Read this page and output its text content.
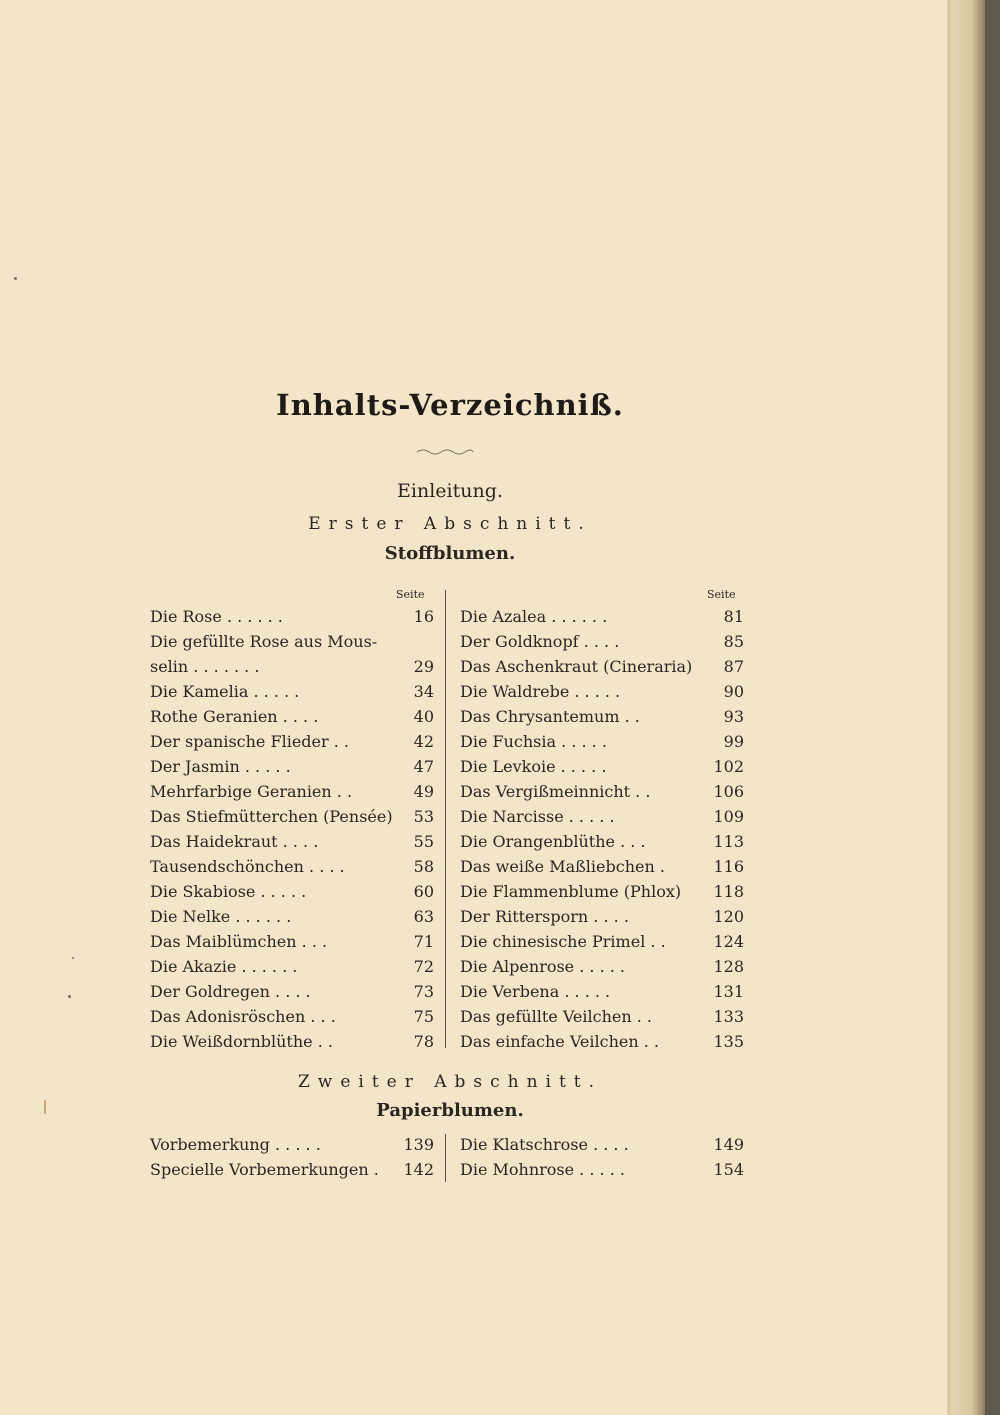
Inhalts-Verzeichniß.
Einleitung.
Erster Abschnitt.
Stoffblumen.
Seite	Seite
Die Rose . . . . . .	16
Die gefüllte Rose aus Mous-
selin . . . . . . .	29
Die Kamelia . . . . .	34
Rothe Geranien . . . .	40
Der spanische Flieder . .	42
Der Jasmin . . . . .	47
Mehrfarbige Geranien . .	49
Das Stiefmütterchen (Pensée) 53
Das Haidekraut . . . .	55
Tausendschönchen . . . .	58
Die Skabiose . . . . .	60
Die Nelke . . . . . .	63
Das Maiblümchen . . .	71
Die Akazie . . . . . .	72
Der Goldregen . . . .	73
Das Adonisröschen . . .	75
Die Weißdornblüthe . .	78
Die Azalea . . . . . .	81
Der Goldknopf . . . .	85
Das Aschenkraut (Cineraria) 87
Die Waldrebe . . . . .	90
Das Chrysantemum . .	93
Die Fuchsia . . . . .	99
Die Levkoie . . . . .	102
Das Vergißmeinnicht . .	106
Die Narcisse . . . . .	109
Die Orangenblüthe . . .	113
Das weiße Maßliebchen .	116
Die Flammenblume (Phlox) 118
Der Rittersporn . . . .	120
Die chinesische Primel . .	124
Die Alpenrose . . . . .	128
Die Verbena . . . . .	131
Das gefüllte Veilchen . .	133
Das einfache Veilchen . .	135
Zweiter Abschnitt.
Papierblumen.
Vorbemerkung . . . . .	139
Specielle Vorbemerkungen . 142
Die Klatschrose . . . .	149
Die Mohnrose . . . . .	154
